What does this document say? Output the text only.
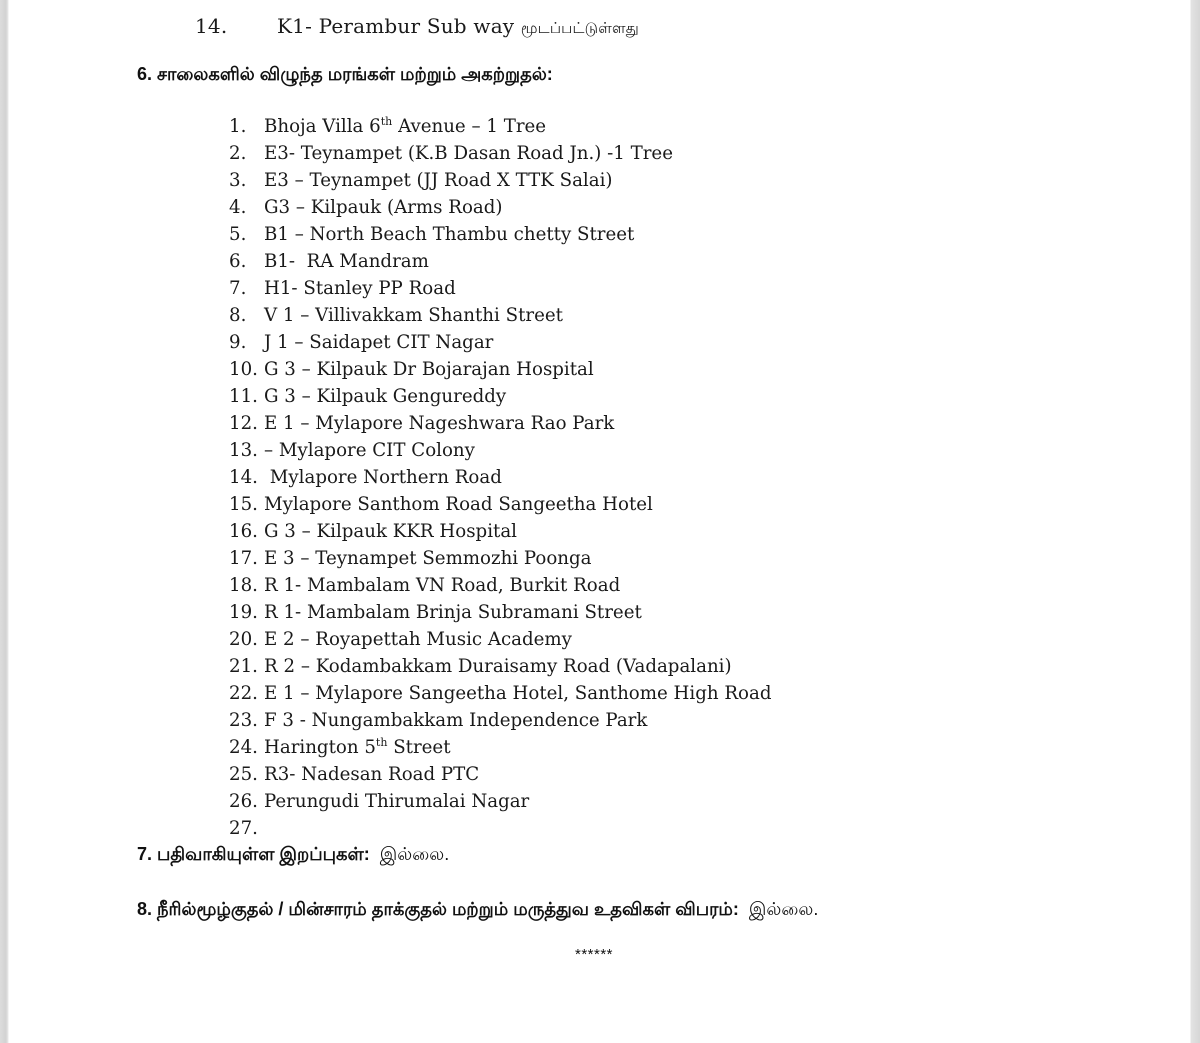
14. K1- Perambur Sub way மூடப்பட்டுள்ளது
6. சாலைகளில் விழுந்த மரங்கள் மற்றும் அகற்றுதல்:
1. Bhoja Villa 6th Avenue – 1 Tree
2. E3- Teynampet (K.B Dasan Road Jn.) -1 Tree
3. E3 – Teynampet (JJ Road X TTK Salai)
4. G3 – Kilpauk (Arms Road)
5. B1 – North Beach Thambu chetty Street
6. B1-  RA Mandram
7. H1- Stanley PP Road
8. V 1 – Villivakkam Shanthi Street
9. J 1 – Saidapet CIT Nagar
10. G 3 – Kilpauk Dr Bojarajan Hospital
11. G 3 – Kilpauk Gengureddy
12. E 1 – Mylapore Nageshwara Rao Park
13. – Mylapore CIT Colony
14. Mylapore Northern Road
15. Mylapore Santhom Road Sangeetha Hotel
16. G 3 – Kilpauk KKR Hospital
17. E 3 – Teynampet Semmozhi Poonga
18. R 1- Mambalam VN Road, Burkit Road
19. R 1- Mambalam Brinja Subramani Street
20. E 2 – Royapettah Music Academy
21. R 2 – Kodambakkam Duraisamy Road (Vadapalani)
22. E 1 – Mylapore Sangeetha Hotel, Santhome High Road
23. F 3 - Nungambakkam Independence Park
24. Harington 5th Street
25. R3- Nadesan Road PTC
26. Perungudi Thirumalai Nagar
27.
7. பதிவாகியுள்ள இறப்புகள்: இல்லை.
8. நீரில்மூழ்குதல் / மின்சாரம் தாக்குதல் மற்றும் மருத்துவ உதவிகள் விபரம்: இல்லை.
******
